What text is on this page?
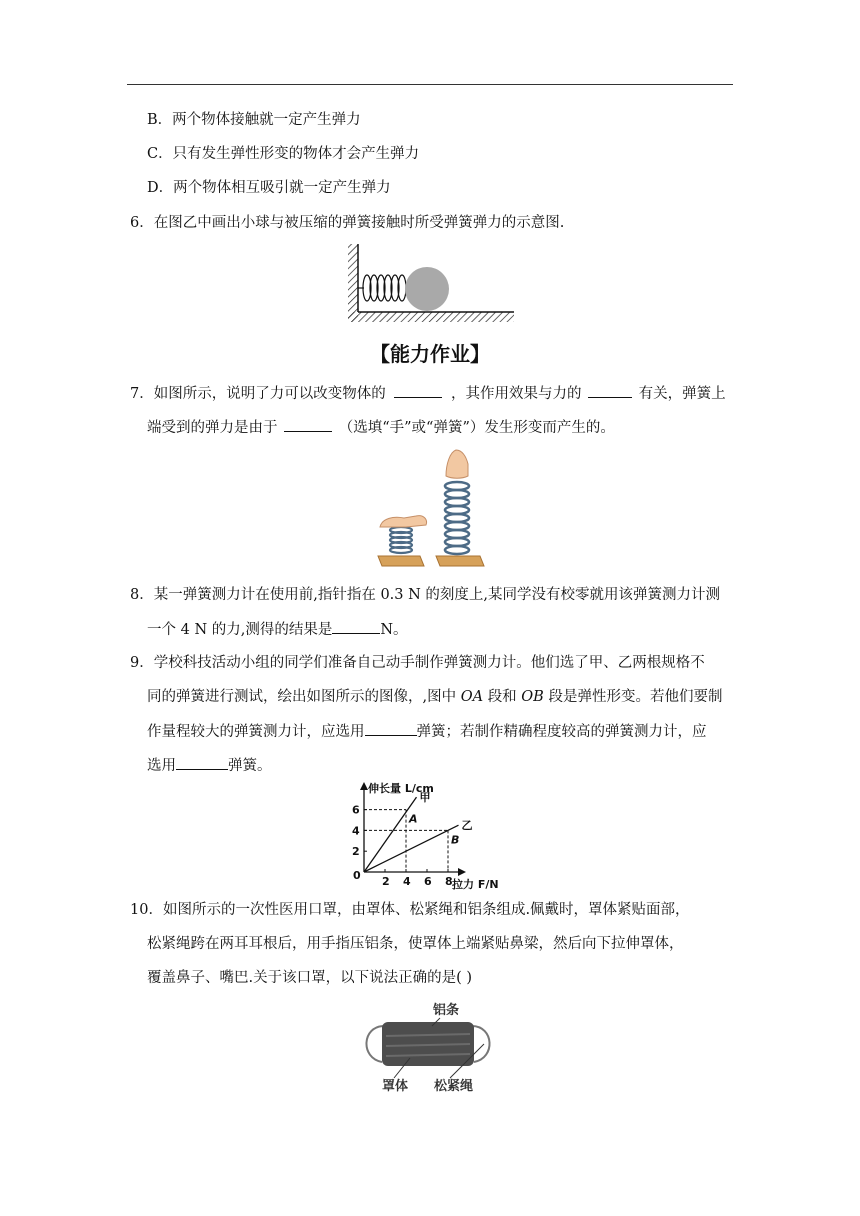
B．两个物体接触就一定产生弹力
C．只有发生弹性形变的物体才会产生弹力
D．两个物体相互吸引就一定产生弹力
6．在图乙中画出小球与被压缩的弹簧接触时所受弹簧弹力的示意图.
【能力作业】
7．如图所示，说明了力可以改变物体的	，其作用效果与力的	有关，弹簧上
端受到的弹力是由于	（选填“手”或“弹簧”）发生形变而产生的。
8．某一弹簧测力计在使用前,指针指在 0.3 N 的刻度上,某同学没有校零就用该弹簧测力计测
一个 4 N 的力,测得的结果是	N。
9．学校科技活动小组的同学们准备自己动手制作弹簧测力计。他们选了甲、乙两根规格不
同的弹簧进行测试，绘出如图所示的图像，,图中 OA 段和 OB 段是弹性形变。若他们要制
作量程较大的弹簧测力计，应选用	弹簧；若制作精确程度较高的弹簧测力计，应
选用	弹簧。
伸长量 L/cm
拉力 F/N
0 2 4 6 8
2
4
6
甲
A
乙
B
10．如图所示的一次性医用口罩，由罩体、松紧绳和铝条组成.佩戴时，罩体紧贴面部，
松紧绳跨在两耳耳根后，用手指压铝条，使罩体上端紧贴鼻梁，然后向下拉伸罩体，
覆盖鼻子、嘴巴.关于该口罩，以下说法正确的是( )
铝条
罩体 松紧绳
